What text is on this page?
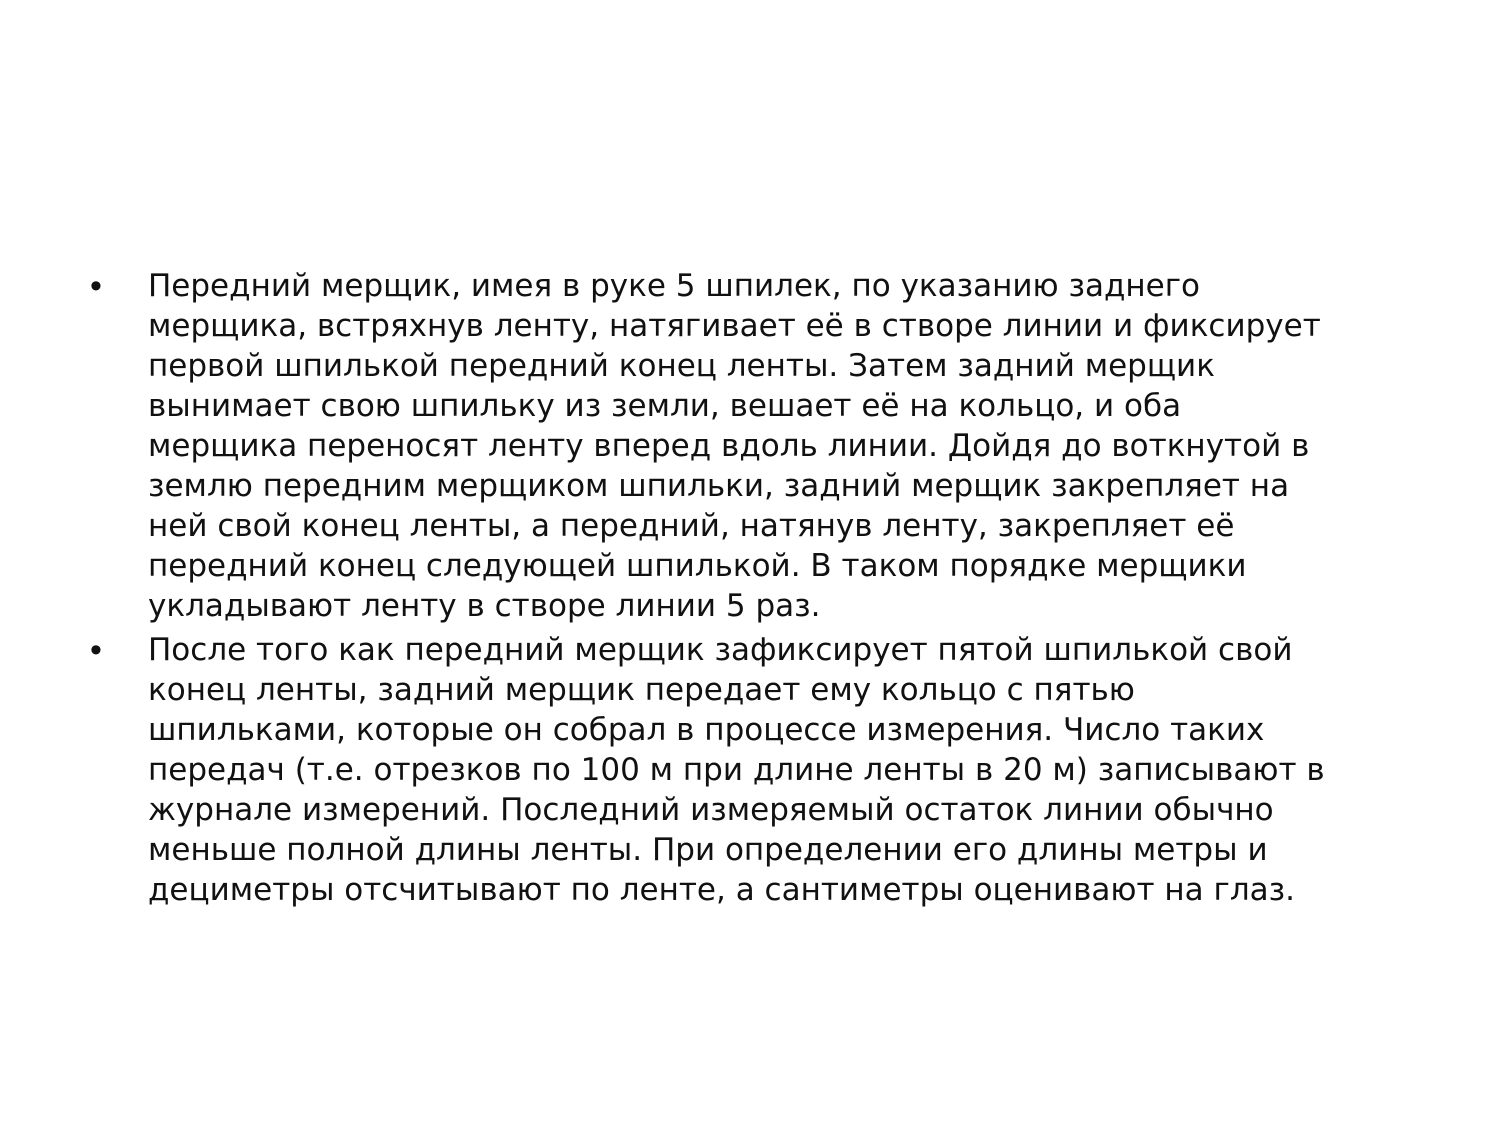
•	Передний мерщик, имея в руке 5 шпилек, по указанию заднего
мерщика, встряхнув ленту, натягивает её в створе линии и фиксирует
первой шпилькой передний конец ленты. Затем задний мерщик
вынимает свою шпильку из земли, вешает её на кольцо, и оба
мерщика переносят ленту вперед вдоль линии. Дойдя до воткнутой в
землю передним мерщиком шпильки, задний мерщик закрепляет на
ней свой конец ленты, а передний, натянув ленту, закрепляет её
передний конец следующей шпилькой. В таком порядке мерщики
укладывают ленту в створе линии 5 раз.
•	После того как передний мерщик зафиксирует пятой шпилькой свой
конец ленты, задний мерщик передает ему кольцо с пятью
шпильками, которые он собрал в процессе измерения. Число таких
передач (т.е. отрезков по 100 м при длине ленты в 20 м) записывают в
журнале измерений. Последний измеряемый остаток линии обычно
меньше полной длины ленты. При определении его длины метры и
дециметры отсчитывают по ленте, а сантиметры оценивают на глаз.
